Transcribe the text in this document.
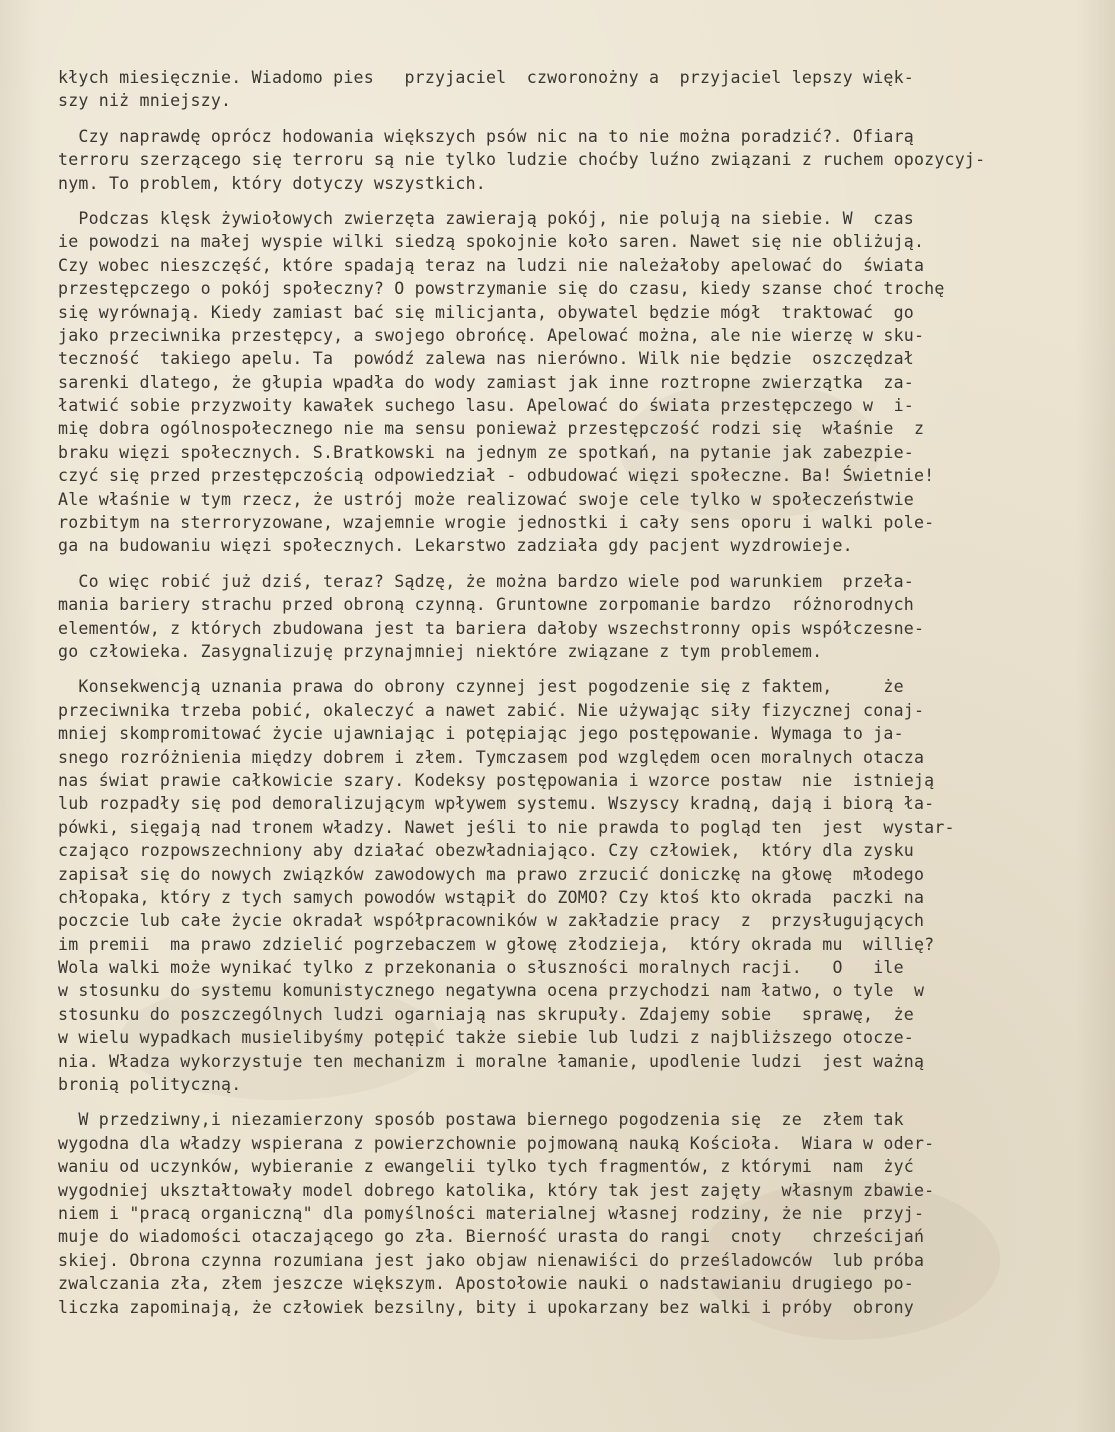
kłych miesięcznie. Wiadomo pies   przyjaciel  czworonożny a  przyjaciel lepszy więk-
szy niż mniejszy.
Czy naprawdę oprócz hodowania większych psów nic na to nie można poradzić?. Ofiarą
terroru szerzącego się terroru są nie tylko ludzie choćby luźno związani z ruchem opozycyj-
nym. To problem, który dotyczy wszystkich.
Podczas klęsk żywiołowych zwierzęta zawierają pokój, nie polują na siebie. W  czas
ie powodzi na małej wyspie wilki siedzą spokojnie koło saren. Nawet się nie obliżują.
Czy wobec nieszczęść, które spadają teraz na ludzi nie należałoby apelować do  świata
przestępczego o pokój społeczny? O powstrzymanie się do czasu, kiedy szanse choć trochę
się wyrównają. Kiedy zamiast bać się milicjanta, obywatel będzie mógł  traktować  go
jako przeciwnika przestępcy, a swojego obrońcę. Apelować można, ale nie wierzę w sku-
teczność  takiego apelu. Ta  powódź zalewa nas nierówno. Wilk nie będzie  oszczędzał
sarenki dlatego, że głupia wpadła do wody zamiast jak inne roztropne zwierzątka  za-
łatwić sobie przyzwoity kawałek suchego lasu. Apelować do świata przestępczego w  i-
mię dobra ogólnospołecznego nie ma sensu ponieważ przestępczość rodzi się  właśnie  z
braku więzi społecznych. S.Bratkowski na jednym ze spotkań, na pytanie jak zabezpie-
czyć się przed przestępczością odpowiedział - odbudować więzi społeczne. Ba! Świetnie!
Ale właśnie w tym rzecz, że ustrój może realizować swoje cele tylko w społeczeństwie
rozbitym na sterroryzowane, wzajemnie wrogie jednostki i cały sens oporu i walki pole-
ga na budowaniu więzi społecznych. Lekarstwo zadziała gdy pacjent wyzdrowieje.
Co więc robić już dziś, teraz? Sądzę, że można bardzo wiele pod warunkiem  przeła-
mania bariery strachu przed obroną czynną. Gruntowne zorpomanie bardzo  różnorodnych
elementów, z których zbudowana jest ta bariera dałoby wszechstronny opis współczesne-
go człowieka. Zasygnalizuję przynajmniej niektóre związane z tym problemem.
Konsekwencją uznania prawa do obrony czynnej jest pogodzenie się z faktem,     że
przeciwnika trzeba pobić, okaleczyć a nawet zabić. Nie używając siły fizycznej conaj-
mniej skompromitować życie ujawniając i potępiając jego postępowanie. Wymaga to ja-
snego rozróżnienia między dobrem i złem. Tymczasem pod względem ocen moralnych otacza
nas świat prawie całkowicie szary. Kodeksy postępowania i wzorce postaw  nie  istnieją
lub rozpadły się pod demoralizującym wpływem systemu. Wszyscy kradną, dają i biorą ła-
pówki, sięgają nad tronem władzy. Nawet jeśli to nie prawda to pogląd ten  jest  wystar-
czająco rozpowszechniony aby działać obezwładniająco. Czy człowiek,  który dla zysku
zapisał się do nowych związków zawodowych ma prawo zrzucić doniczkę na głowę  młodego
chłopaka, który z tych samych powodów wstąpił do ZOMO? Czy ktoś kto okrada  paczki na
poczcie lub całe życie okradał współpracowników w zakładzie pracy  z  przysługujących
im premii  ma prawo zdzielić pogrzebaczem w głowę złodzieja,  który okrada mu  willię?
Wola walki może wynikać tylko z przekonania o słuszności moralnych racji.   O   ile
w stosunku do systemu komunistycznego negatywna ocena przychodzi nam łatwo, o tyle  w
stosunku do poszczególnych ludzi ogarniają nas skrupuły. Zdajemy sobie   sprawę,  że
w wielu wypadkach musielibyśmy potępić także siebie lub ludzi z najbliższego otocze-
nia. Władza wykorzystuje ten mechanizm i moralne łamanie, upodlenie ludzi  jest ważną
bronią polityczną.
W przedziwny,i niezamierzony sposób postawa biernego pogodzenia się  ze  złem tak
wygodna dla władzy wspierana z powierzchownie pojmowaną nauką Kościoła.  Wiara w oder-
waniu od uczynków, wybieranie z ewangelii tylko tych fragmentów, z którymi  nam  żyć
wygodniej ukształtowały model dobrego katolika, który tak jest zajęty  własnym zbawie-
niem i "pracą organiczną" dla pomyślności materialnej własnej rodziny, że nie  przyj-
muje do wiadomości otaczającego go zła. Bierność urasta do rangi  cnoty   chrześcijań
skiej. Obrona czynna rozumiana jest jako objaw nienawiści do prześladowców  lub próba
zwalczania zła, złem jeszcze większym. Apostołowie nauki o nadstawianiu drugiego po-
liczka zapominają, że człowiek bezsilny, bity i upokarzany bez walki i próby  obrony
